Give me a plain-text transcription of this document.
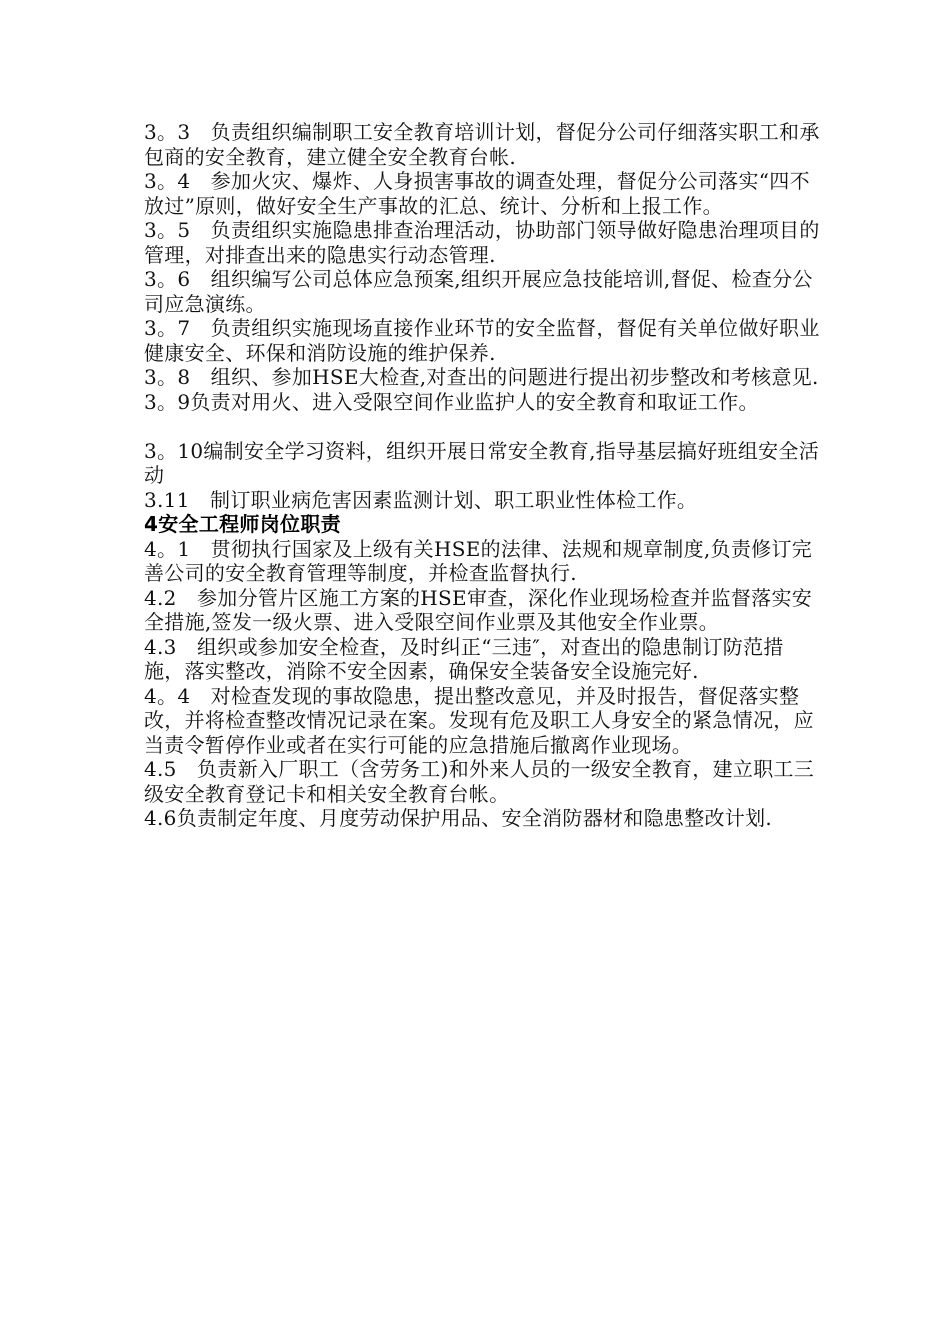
3。3　负责组织编制职工安全教育培训计划，督促分公司仔细落实职工和承包商的安全教育，建立健全安全教育台帐.

3。4　参加火灾、爆炸、人身损害事故的调查处理，督促分公司落实“四不放过”原则，做好安全生产事故的汇总、统计、分析和上报工作。

3。5　负责组织实施隐患排查治理活动，协助部门领导做好隐患治理项目的管理，对排查出来的隐患实行动态管理.

3。6　组织编写公司总体应急预案,组织开展应急技能培训,督促、检查分公司应急演练。

3。7　负责组织实施现场直接作业环节的安全监督，督促有关单位做好职业健康安全、环保和消防设施的维护保养.

3。8　组织、参加HSE大检查,对查出的问题进行提出初步整改和考核意见.

3。9负责对用火、进入受限空间作业监护人的安全教育和取证工作。

3。10编制安全学习资料，组织开展日常安全教育,指导基层搞好班组安全活动

3.11　制订职业病危害因素监测计划、职工职业性体检工作。

4安全工程师岗位职责

4。1　贯彻执行国家及上级有关HSE的法律、法规和规章制度,负责修订完善公司的安全教育管理等制度，并检查监督执行.

4.2　参加分管片区施工方案的HSE审查，深化作业现场检查并监督落实安全措施,签发一级火票、进入受限空间作业票及其他安全作业票。

4.3　组织或参加安全检查，及时纠正“三违″，对查出的隐患制订防范措施，落实整改，消除不安全因素，确保安全装备安全设施完好.

4。4　对检查发现的事故隐患，提出整改意见，并及时报告，督促落实整改，并将检查整改情况记录在案。发现有危及职工人身安全的紧急情况，应当责令暂停作业或者在实行可能的应急措施后撤离作业现场。

4.5　负责新入厂职工（含劳务工)和外来人员的一级安全教育，建立职工三级安全教育登记卡和相关安全教育台帐。

4.6负责制定年度、月度劳动保护用品、安全消防器材和隐患整改计划.
